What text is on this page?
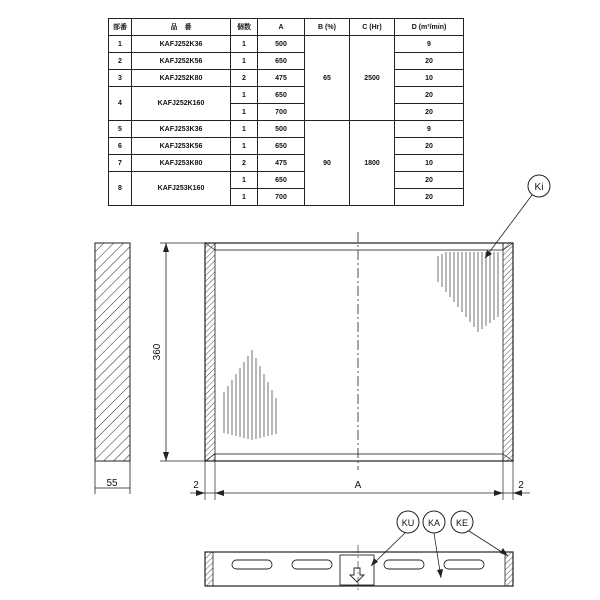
部番	品　番	個数	A	B (%)	C (Hr)	D (m³/min)
1	KAFJ252K36	1	500	65	2500	9
2	KAFJ252K56	1	650			20
3	KAFJ252K80	2	475			10
4	KAFJ252K160	1	650			20
		1	700			20
5	KAFJ253K36	1	500	90	1800	9
6	KAFJ253K56	1	650			20
7	KAFJ253K80	2	475			10
8	KAFJ253K160	1	650			20
		1	700			20
55
360
2	A	2
Ki
KU KA KE
